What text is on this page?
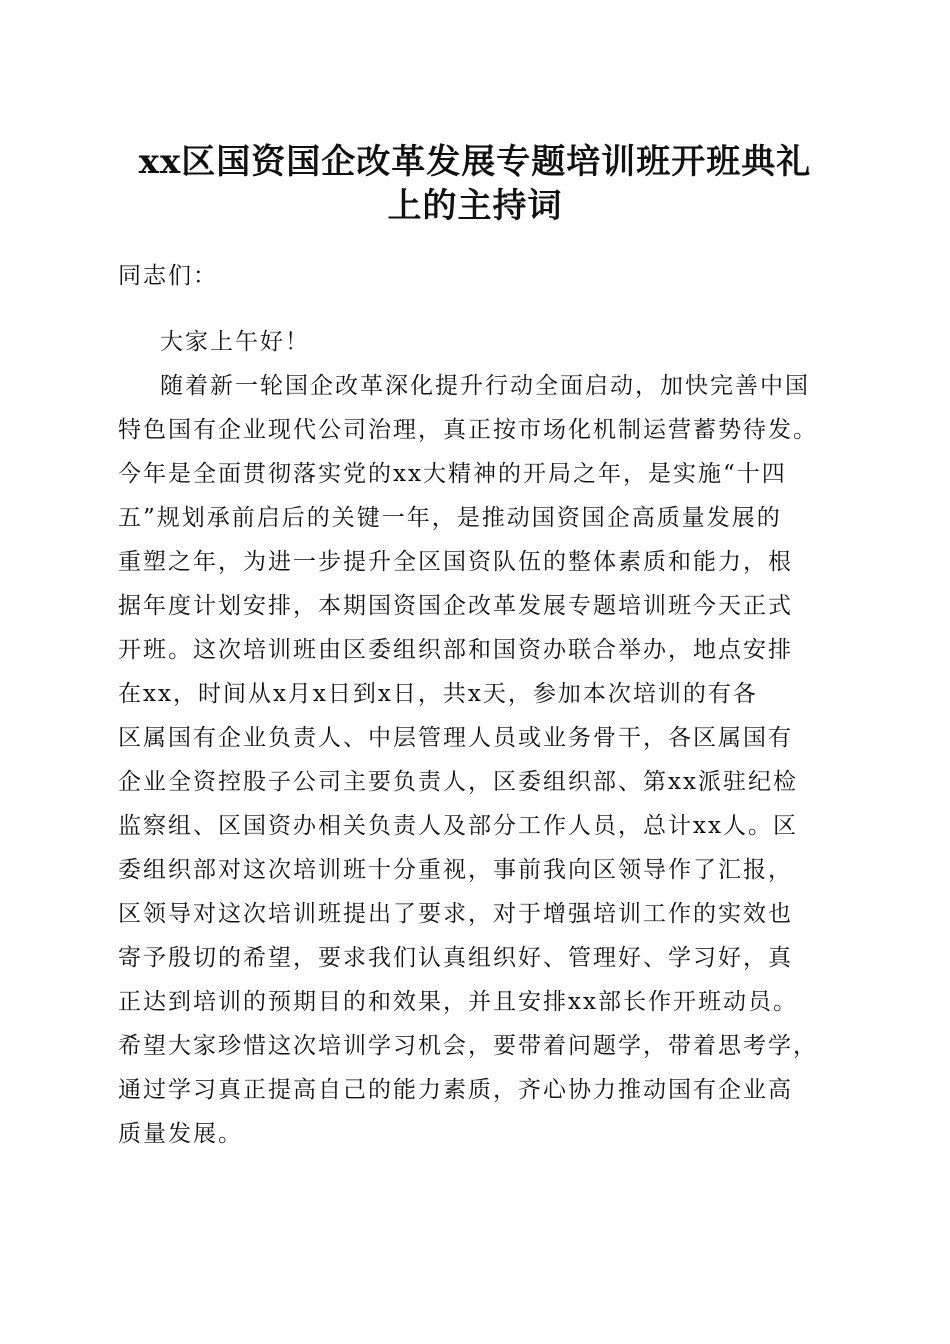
xx区国资国企改革发展专题培训班开班典礼
上的主持词

同志们：

大家上午好！

随着新一轮国企改革深化提升行动全面启动，加快完善中国

特色国有企业现代公司治理，真正按市场化机制运营蓄势待发。

今年是全面贯彻落实党的xx大精神的开局之年，是实施“十四

五”规划承前启后的关键一年，是推动国资国企高质量发展的

重塑之年，为进一步提升全区国资队伍的整体素质和能力，根

据年度计划安排，本期国资国企改革发展专题培训班今天正式

开班。这次培训班由区委组织部和国资办联合举办，地点安排

在xx，时间从x月x日到x日，共x天，参加本次培训的有各

区属国有企业负责人、中层管理人员或业务骨干，各区属国有

企业全资控股子公司主要负责人，区委组织部、第xx派驻纪检

监察组、区国资办相关负责人及部分工作人员，总计xx人。区

委组织部对这次培训班十分重视，事前我向区领导作了汇报，

区领导对这次培训班提出了要求，对于增强培训工作的实效也

寄予殷切的希望，要求我们认真组织好、管理好、学习好，真

正达到培训的预期目的和效果，并且安排xx部长作开班动员。

希望大家珍惜这次培训学习机会，要带着问题学，带着思考学，

通过学习真正提高自己的能力素质，齐心协力推动国有企业高

质量发展。
